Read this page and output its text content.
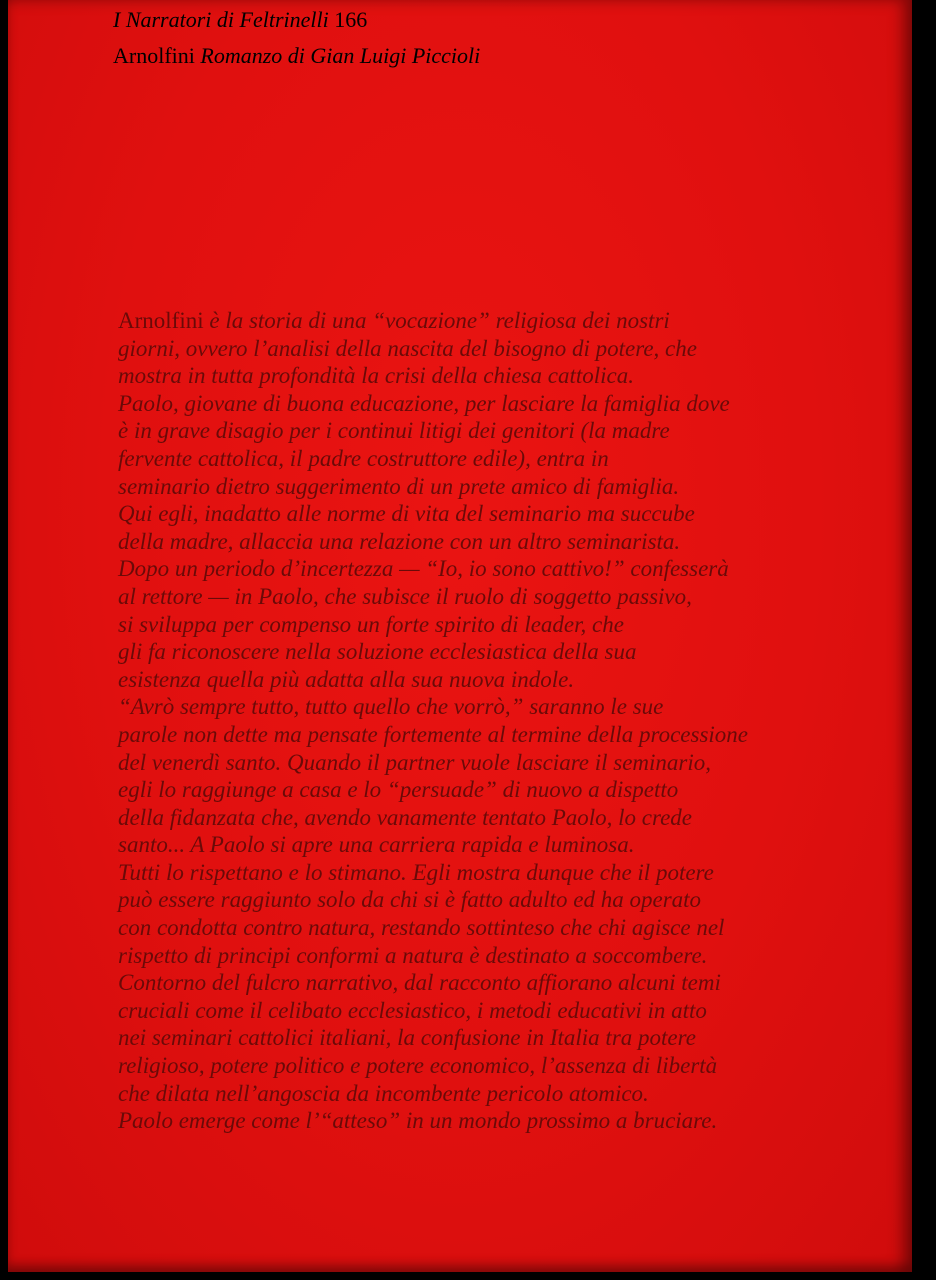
I Narratori di Feltrinelli 166
Arnolfini Romanzo di Gian Luigi Piccioli
Arnolfini è la storia di una “vocazione” religiosa dei nostri
giorni, ovvero l’analisi della nascita del bisogno di potere, che
mostra in tutta profondità la crisi della chiesa cattolica.
Paolo, giovane di buona educazione, per lasciare la famiglia dove
è in grave disagio per i continui litigi dei genitori (la madre
fervente cattolica, il padre costruttore edile), entra in
seminario dietro suggerimento di un prete amico di famiglia.
Qui egli, inadatto alle norme di vita del seminario ma succube
della madre, allaccia una relazione con un altro seminarista.
Dopo un periodo d’incertezza — “Io, io sono cattivo!” confesserà
al rettore — in Paolo, che subisce il ruolo di soggetto passivo,
si sviluppa per compenso un forte spirito di leader, che
gli fa riconoscere nella soluzione ecclesiastica della sua
esistenza quella più adatta alla sua nuova indole.
“Avrò sempre tutto, tutto quello che vorrò,” saranno le sue
parole non dette ma pensate fortemente al termine della processione
del venerdì santo. Quando il partner vuole lasciare il seminario,
egli lo raggiunge a casa e lo “persuade” di nuovo a dispetto
della fidanzata che, avendo vanamente tentato Paolo, lo crede
santo... A Paolo si apre una carriera rapida e luminosa.
Tutti lo rispettano e lo stimano. Egli mostra dunque che il potere
può essere raggiunto solo da chi si è fatto adulto ed ha operato
con condotta contro natura, restando sottinteso che chi agisce nel
rispetto di principi conformi a natura è destinato a soccombere.
Contorno del fulcro narrativo, dal racconto affiorano alcuni temi
cruciali come il celibato ecclesiastico, i metodi educativi in atto
nei seminari cattolici italiani, la confusione in Italia tra potere
religioso, potere politico e potere economico, l’assenza di libertà
che dilata nell’angoscia da incombente pericolo atomico.
Paolo emerge come l’“atteso” in un mondo prossimo a bruciare.
